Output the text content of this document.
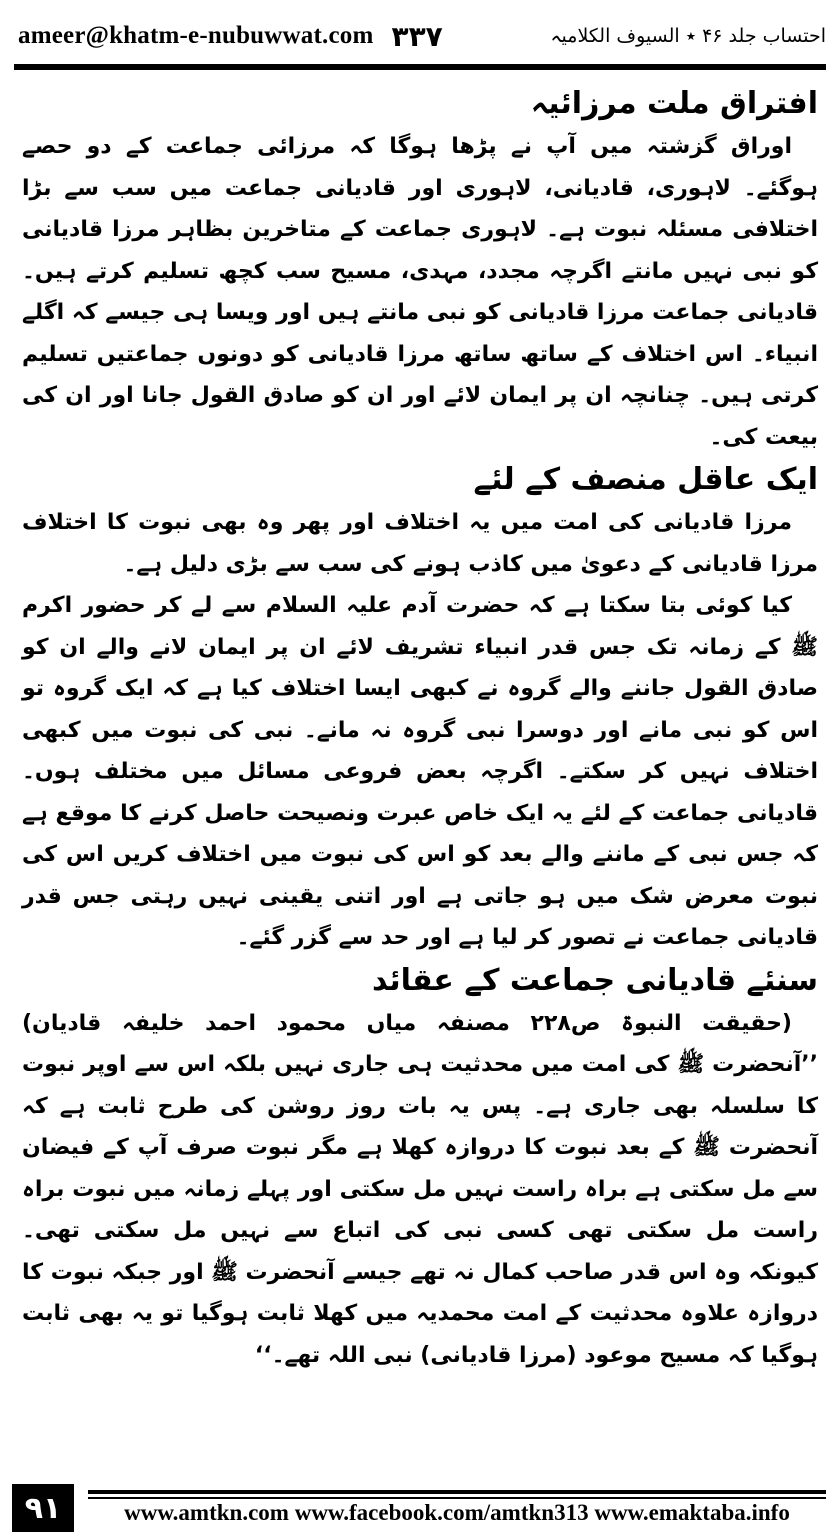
ameer@khatm-e-nubuwwat.com ۳۳۷	احتساب جلد ۴۶ ٭ السیوف الکلامیہ

افتراق ملت مرزائیہ

اوراق گزشتہ میں آپ نے پڑھا ہوگا کہ مرزائی جماعت کے دو حصے ہوگئے۔ لاہوری، قادیانی، لاہوری اور قادیانی جماعت میں سب سے بڑا اختلافی مسئلہ نبوت ہے۔ لاہوری جماعت کے متاخرین بظاہر مرزا قادیانی کو نبی نہیں مانتے اگرچہ مجدد، مہدی، مسیح سب کچھ تسلیم کرتے ہیں۔ قادیانی جماعت مرزا قادیانی کو نبی مانتے ہیں اور ویسا ہی جیسے کہ اگلے انبیاء۔ اس اختلاف کے ساتھ ساتھ مرزا قادیانی کو دونوں جماعتیں تسلیم کرتی ہیں۔ چنانچہ ان پر ایمان لائے اور ان کو صادق القول جانا اور ان کی بیعت کی۔

ایک عاقل منصف کے لئے

مرزا قادیانی کی امت میں یہ اختلاف اور پھر وہ بھی نبوت کا اختلاف مرزا قادیانی کے دعویٰ میں کاذب ہونے کی سب سے بڑی دلیل ہے۔

کیا کوئی بتا سکتا ہے کہ حضرت آدم علیہ السلام سے لے کر حضور اکرم ﷺ کے زمانہ تک جس قدر انبیاء تشریف لائے ان پر ایمان لانے والے ان کو صادق القول جاننے والے گروہ نے کبھی ایسا اختلاف کیا ہے کہ ایک گروہ تو اس کو نبی مانے اور دوسرا نبی گروہ نہ مانے۔ نبی کی نبوت میں کبھی اختلاف نہیں کر سکتے۔ اگرچہ بعض فروعی مسائل میں مختلف ہوں۔ قادیانی جماعت کے لئے یہ ایک خاص عبرت ونصیحت حاصل کرنے کا موقع ہے کہ جس نبی کے ماننے والے بعد کو اس کی نبوت میں اختلاف کریں اس کی نبوت معرض شک میں ہو جاتی ہے اور اتنی یقینی نہیں رہتی جس قدر قادیانی جماعت نے تصور کر لیا ہے اور حد سے گزر گئے۔

سنئے قادیانی جماعت کے عقائد

(حقیقت النبوۃ ص۲۲۸ مصنفہ میاں محمود احمد خلیفہ قادیان) ’’آنحضرت ﷺ کی امت میں محدثیت ہی جاری نہیں بلکہ اس سے اوپر نبوت کا سلسلہ بھی جاری ہے۔ پس یہ بات روز روشن کی طرح ثابت ہے کہ آنحضرت ﷺ کے بعد نبوت کا دروازہ کھلا ہے مگر نبوت صرف آپ کے فیضان سے مل سکتی ہے براہ راست نہیں مل سکتی اور پہلے زمانہ میں نبوت براہ راست مل سکتی تھی کسی نبی کی اتباع سے نہیں مل سکتی تھی۔ کیونکہ وہ اس قدر صاحب کمال نہ تھے جیسے آنحضرت ﷺ اور جبکہ نبوت کا دروازہ علاوہ محدثیت کے امت محمدیہ میں کھلا ثابت ہوگیا تو یہ بھی ثابت ہوگیا کہ مسیح موعود (مرزا قادیانی) نبی اللہ تھے۔‘‘

۹۱	www.amtkn.com www.facebook.com/amtkn313 www.emaktaba.info
